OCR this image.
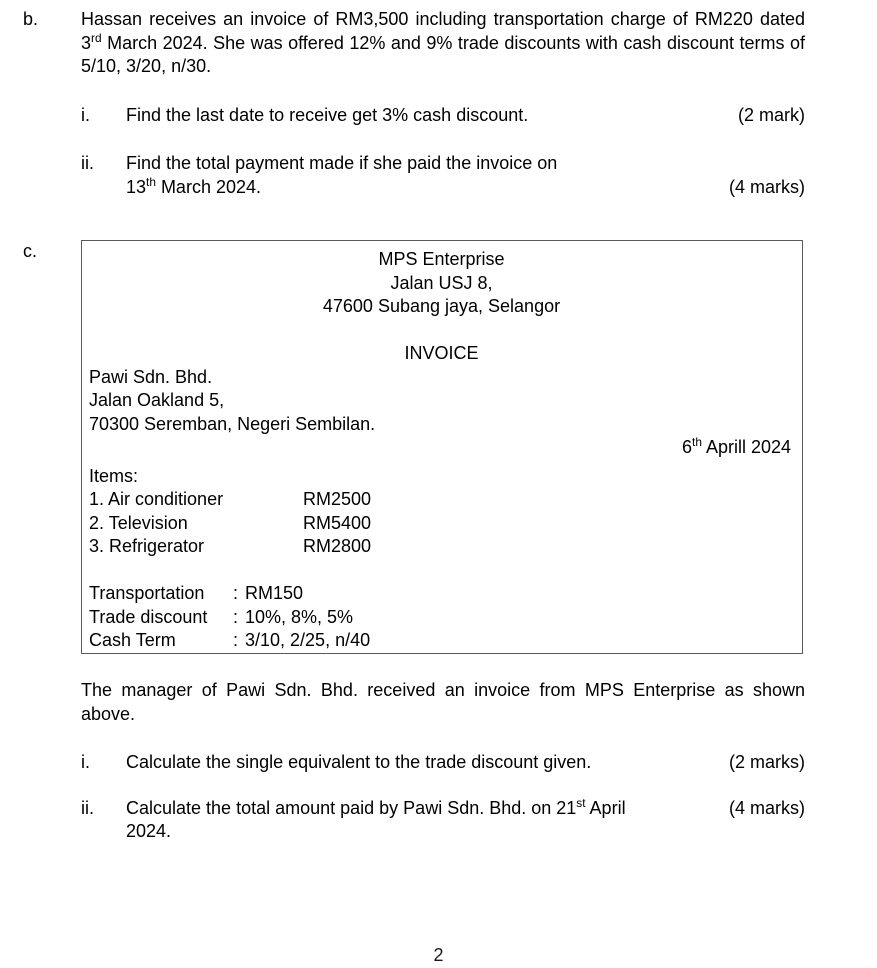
b.	Hassan receives an invoice of RM3,500 including transportation charge of RM220 dated 3rd March 2024. She was offered 12% and 9% trade discounts with cash discount terms of 5/10, 3/20, n/30.

i.	Find the last date to receive get 3% cash discount.	(2 mark)
ii.	Find the total payment made if she paid the invoice on
13th March 2024.	(4 marks)
c.	MPS Enterprise
Jalan USJ 8,
47600 Subang jaya, Selangor
INVOICE
Pawi Sdn. Bhd.
Jalan Oakland 5,
70300 Seremban, Negeri Sembilan.
6th Aprill 2024
Items:
1. Air conditioner	RM2500
2. Television	RM5400
3. Refrigerator	RM2800
Transportation	:	RM150
Trade discount	:	10%, 8%, 5%
Cash Term	:	3/10, 2/25, n/40

The manager of Pawi Sdn. Bhd. received an invoice from MPS Enterprise as shown above.

i.	Calculate the single equivalent to the trade discount given.	(2 marks)
ii.	(4 marks)
Calculate the total amount paid by Pawi Sdn. Bhd. on 21st April
2024.
2
